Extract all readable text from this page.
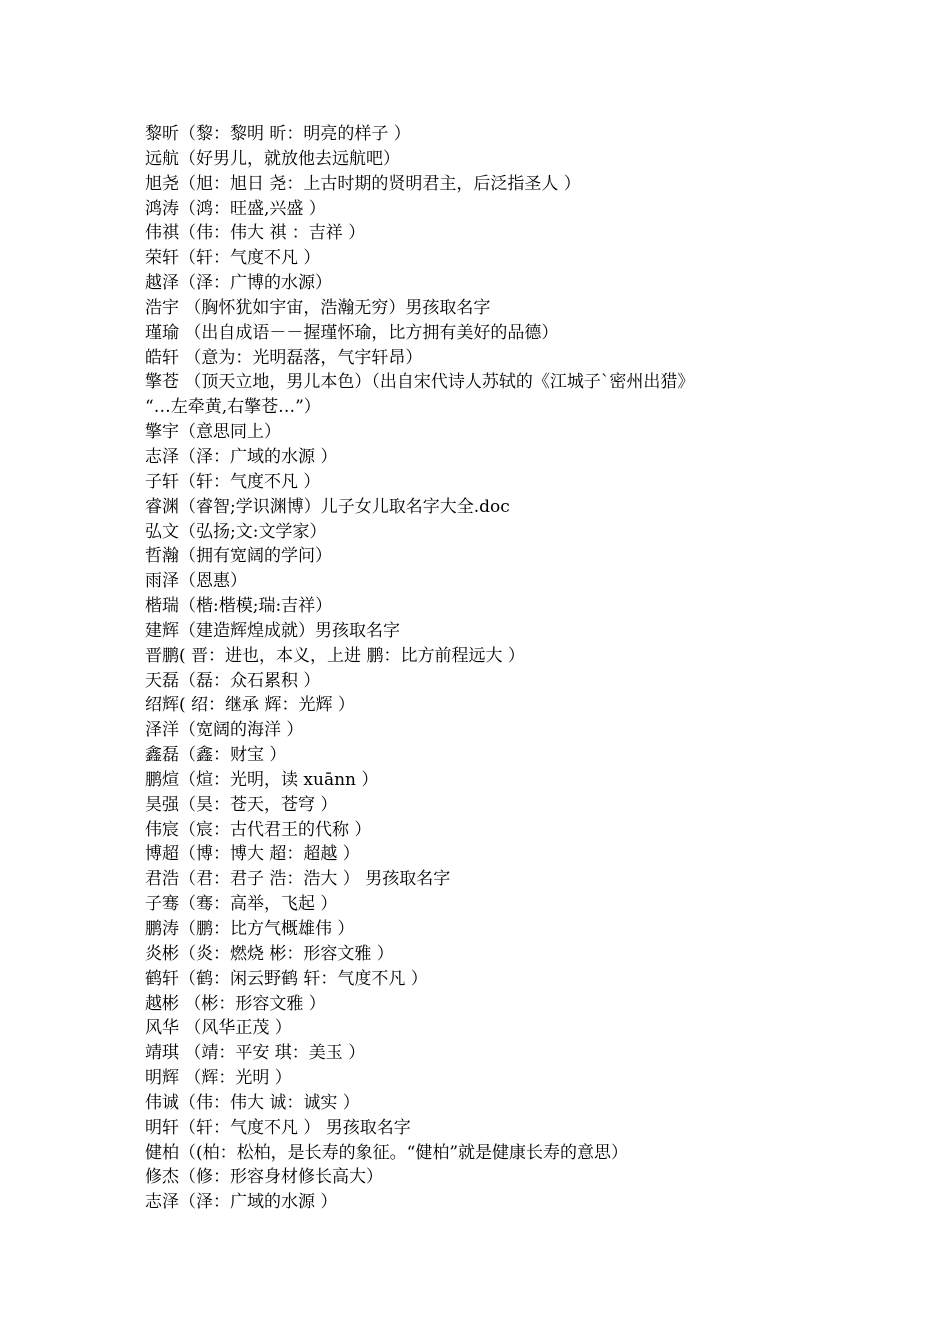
黎昕（黎：黎明 昕：明亮的样子 ）
远航（好男儿，就放他去远航吧）
旭尧（旭：旭日 尧：上古时期的贤明君主，后泛指圣人 ）
鸿涛（鸿：旺盛,兴盛 ）
伟祺（伟：伟大 祺 ：吉祥 ）
荣轩（轩：气度不凡 ）
越泽（泽：广博的水源）
浩宇 （胸怀犹如宇宙，浩瀚无穷）男孩取名字
瑾瑜 （出自成语－－握瑾怀瑜，比方拥有美好的品德）
皓轩 （意为：光明磊落，气宇轩昂）
擎苍 （顶天立地，男儿本色）（出自宋代诗人苏轼的《江城子`密州出猎》
“…左牵黄,右擎苍…”）
擎宇（意思同上）
志泽（泽：广域的水源 ）
子轩（轩：气度不凡 ）
睿渊（睿智;学识渊博）儿子女儿取名字大全.doc
弘文（弘扬;文:文学家）
哲瀚（拥有宽阔的学问）
雨泽（恩惠）
楷瑞（楷:楷模;瑞:吉祥）
建辉（建造辉煌成就）男孩取名字
晋鹏( 晋：进也，本义，上进 鹏：比方前程远大 ）
天磊（磊：众石累积 ）
绍辉( 绍：继承 辉：光辉 ）
泽洋（宽阔的海洋 ）
鑫磊（鑫：财宝 ）
鹏煊（煊：光明，读 xuānn ）
昊强（昊：苍天，苍穹 ）
伟宸（宸：古代君王的代称 ）
博超（博：博大 超：超越 ）
君浩（君：君子 浩：浩大 ） 男孩取名字
子骞（骞：高举，飞起 ）
鹏涛（鹏：比方气概雄伟 ）
炎彬（炎：燃烧 彬：形容文雅 ）
鹤轩（鹤：闲云野鹤 轩：气度不凡 ）
越彬 （彬：形容文雅 ）
风华 （风华正茂 ）
靖琪 （靖：平安 琪：美玉 ）
明辉 （辉：光明 ）
伟诚（伟：伟大 诚：诚实 ）
明轩（轩：气度不凡 ） 男孩取名字
健柏（(柏：松柏，是长寿的象征。“健柏”就是健康长寿的意思）
修杰（修：形容身材修长高大）
志泽（泽：广域的水源 ）
